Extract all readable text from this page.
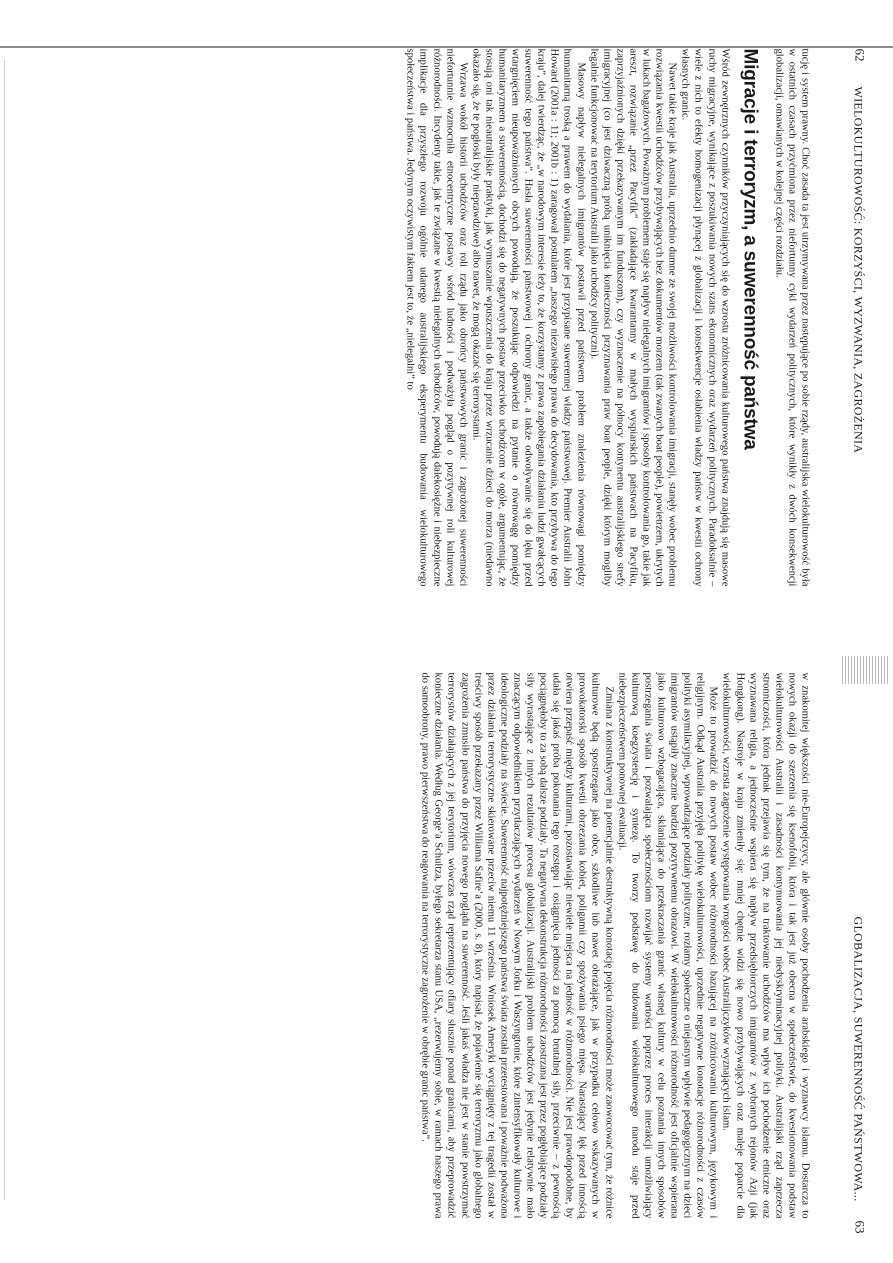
62
WIELOKULTUROWOŚĆ: KORZYŚCI, WYZWANIA, ZAGROŻENIA

tucję i system prawny. Choć zasada ta jest utrzymywana przez następujące po sobie rządy, australijska wielokulturowość była w ostatnich czasach przyćmiona przez niefortunny cykl wydarzeń politycznych, które wynikły z dwóch konsekwencji globalizacji, omawianych w kolejnej części rozdziału.

Migracje i terroryzm, a suwerenność państwa

Wśród zewnętrznych czynników przyczyniających się do wzrostu zróżnicowania kulturowego państwa znajdują się masowe ruchy migracyjne, wynikające z poszukiwania nowych szans ekonomicznych oraz wydarzeń politycznych. Paradoksalnie – wiele z nich to efekty homogenizacji płynącej z globalizacji i konsekwencje osłabienia władzy państw w kwestii ochrony własnych granic.

Nawet takie kraje jak Australia, uprzednio dumne ze swojej możliwości kontrolowania imigracji, stanęły wobec problemu rozwiązania kwestii uchodźców przybywających bez dokumentów morzem (tak zwanych boat people), powietrzem, ukrytych w lukach bagażowych. Poważnym problemem staje się napływ nielegalnych imigrantów i sposoby kontrolowania go, takie jak areszt, rozwiązanie „przez Pacyfik” (zakładające kwarantanny w małych wyspiarskich państwach na Pacyfiku, zaprzyjaźnionych dzięki przekazywanym im funduszom), czy wyznaczenie na północy kontynentu australijskiego strefy imigracyjnej (co jest dziwaczną próbą uniknięcia konieczności przyznawania praw boat people, dzięki którym mogliby legalnie funkcjonować na terytorium Australii jako uchodźcy polityczni).

Masowy napływ nielegalnych imigrantów postawił przed państwem problem znalezienia równowagi pomiędzy humanitarną troską a prawem do wydalania, które jest przypisane suwerennej władzy państwowej. Premier Australii John Howard (2001a : 11; 2001b : 1) zaragował postulatem „naszego niezawisłego prawa do decydowania, kto przybywa do tego kraju”, dalej twierdząc, że „w narodowym interesie leży to, że korzystamy z prawa zapobiegania działaniu ludzi gwałcących suwerenność tego państwa”. Hasła suwerenności państwowej i ochrony granic, a także odwoływanie się do lęku przed wtargnięciem nieupoważnionych obcych powodują, że poszukując odpowiedzi na pytanie o równowagę pomiędzy humanitaryzmem a suwerennością, dochodzi się do negatywnych postaw przeciwko uchodźcom w ogóle, argumentując, że stosują oni tak nieautralijskie praktyki, jak wymuszanie wpuszczenia do kraju przez wrzucanie dzieci do morza (niedawno okazało się, że te pogłoski były nieprawdziwe) albo nawet, że mogą okazać się terrorystami.

Wrzawa wokół historii uchodźców oraz roli rządu jako obrońcy państwowych granic i zagrożonej suwerenności niefortunnie wzmocniła etnocentryczne postawy wśród ludności i podważyła pogląd o pozytywnej roli kulturowej różnorodności. Incydenty takie, jak te związane w kwestią nielegalnych uchodźców, powodują dalekosiężne i niebezpieczne implikacje dla przyszłego rozwoju ogólnie udanego australijskiego eksperymentu budowania wielokulturowego społeczeństwa i państwa. Jedynym oczywistym faktem jest to, że „nielegalni” to

GLOBALIZACJA, SUWERENNOŚĆ PAŃSTWOWA...
63

w znakomitej większości nie-Europejczycy, ale głównie osoby pochodzenia arabskiego i wyznawcy islamu. Dostarcza to nowych okazji do szerzenia się ksenofobii, która i tak jest już obecna w społeczeństwie, do kwestionowania podstaw wielokulturowości Australii i zasadności kontynuowania jej niedyskryminacyjnej polityki. Australijski rząd zaprzecza stronniczości, która jednak przejawia się tym, że na traktowanie uchodźców ma wpływ ich pochodzenie etniczne oraz wyznawana religia, a jednocześnie wspiera się napływ przedsiębiorczych imigrantów z wybranych rejonów Azji (jak Hongkong). Nastroje w kraju zmieniły się: mniej chętnie widzi się nowo przybywających oraz maleje poparcie dla wielokulturowości, wzrasta zagrożenie występowania wrogości wobec Australijczyków wyznających islam.

Może to prowadzić do nowych postaw wobec różnorodności bazującej na zróżnicowaniu kulturowym, językowym i religijnym. Odkąd Australia przyjęła politykę wielokulturowości, uprzednie negatywne konotacje różnorodności z czasów polityki asymilacyjnej, wprowadzające podziały polityczne, rozłamy społeczne o niejasnym wpływie pedagogicznym na dzieci imigrantów ustąpiły znacznie bardziej pozytywnemu obrazowi. W wielokulturowości różnorodność jest oficjalnie wspierana jako kulturowo wzbogacająca, sklaniająca do przekraczania granic własnej kultury w celu poznania innych sposobów postrzegania świata i pozwalająca społecznościom rozwijać systemy wartości poprzez proces interakcji umożliwiający kulturową koegzystencję i syntezę. To tworzy podstawę do budowania wielokulturowego narodu staje przed niebezpieczeństwem ponownej ewaluacji.

Zmiana z konstruktywnej na potencjalnie destruktywną konotację pojęcia różnorodności może zaowocować tym, że różnice kulturowe będą spostrzegane jako obce, szkodliwe lub nawet obrażające, jak w przypadku celowo wskazywanych w prowokatorski sposób kwestii obrzezania kobiet, poligamii czy spożywania psiego mięsa. Narastający lęk przed innością otwiera przepaść między kulturami, pozostawiając niewiele miejsca na jedność w różnorodności. Nie jest prawdopodobne, by udała się jakaś próba pokonania tego rozstępu i osiągnięcia jedności za pomocą brutalnej siły, przeciwnie – z pewnością pociągnęłoby to za sobą dalsze podziały. Ta negatywna dekonstrukcja różnorodności zaostrzana jest przez pogłębiające podziały siły wyrastające z innych rezultatów procesu globalizacji. Australijski problem uchodźców jest jedynie relatywnie mało znaczącym odpowiednikiem przytłaczających wydarzeń w Nowym Jorku i Waszyngtonie, które zintensyfikowały kulturowe i ideologiczne podziały na świecie. Suwerenność najpotężniejszego państwa świata została przetestowana i poważnie podważona przez działania terrorystyczne skierowane przeciw niemu 11 września. Wniosek Ameryki wyciągnięty z tej tragedii został w treściwy sposób przekazany przez Williama Safire’a (2000, s. 8), który napisał, że pojawienie się terroryzmu jako globalnego zagrożenia zmusiło państwa do przyjęcia nowego poglądu na suwerenność. Jeśli jakaś władza nie jest w stanie powstrzymać terrorystów działających z jej terytorium, wówczas rząd reprezentujący ofiary słusznie ponad granicami, aby przeprowadzić konieczne działania. Według George’a Schultza, byłego sekretarza stanu USA, „rezerwujemy sobie, w ramach naszego prawa do samoobrony, prawo pierwszeństwa do reagowania na terrorystyczne zagrożenie w obrębie granic państwa”.
